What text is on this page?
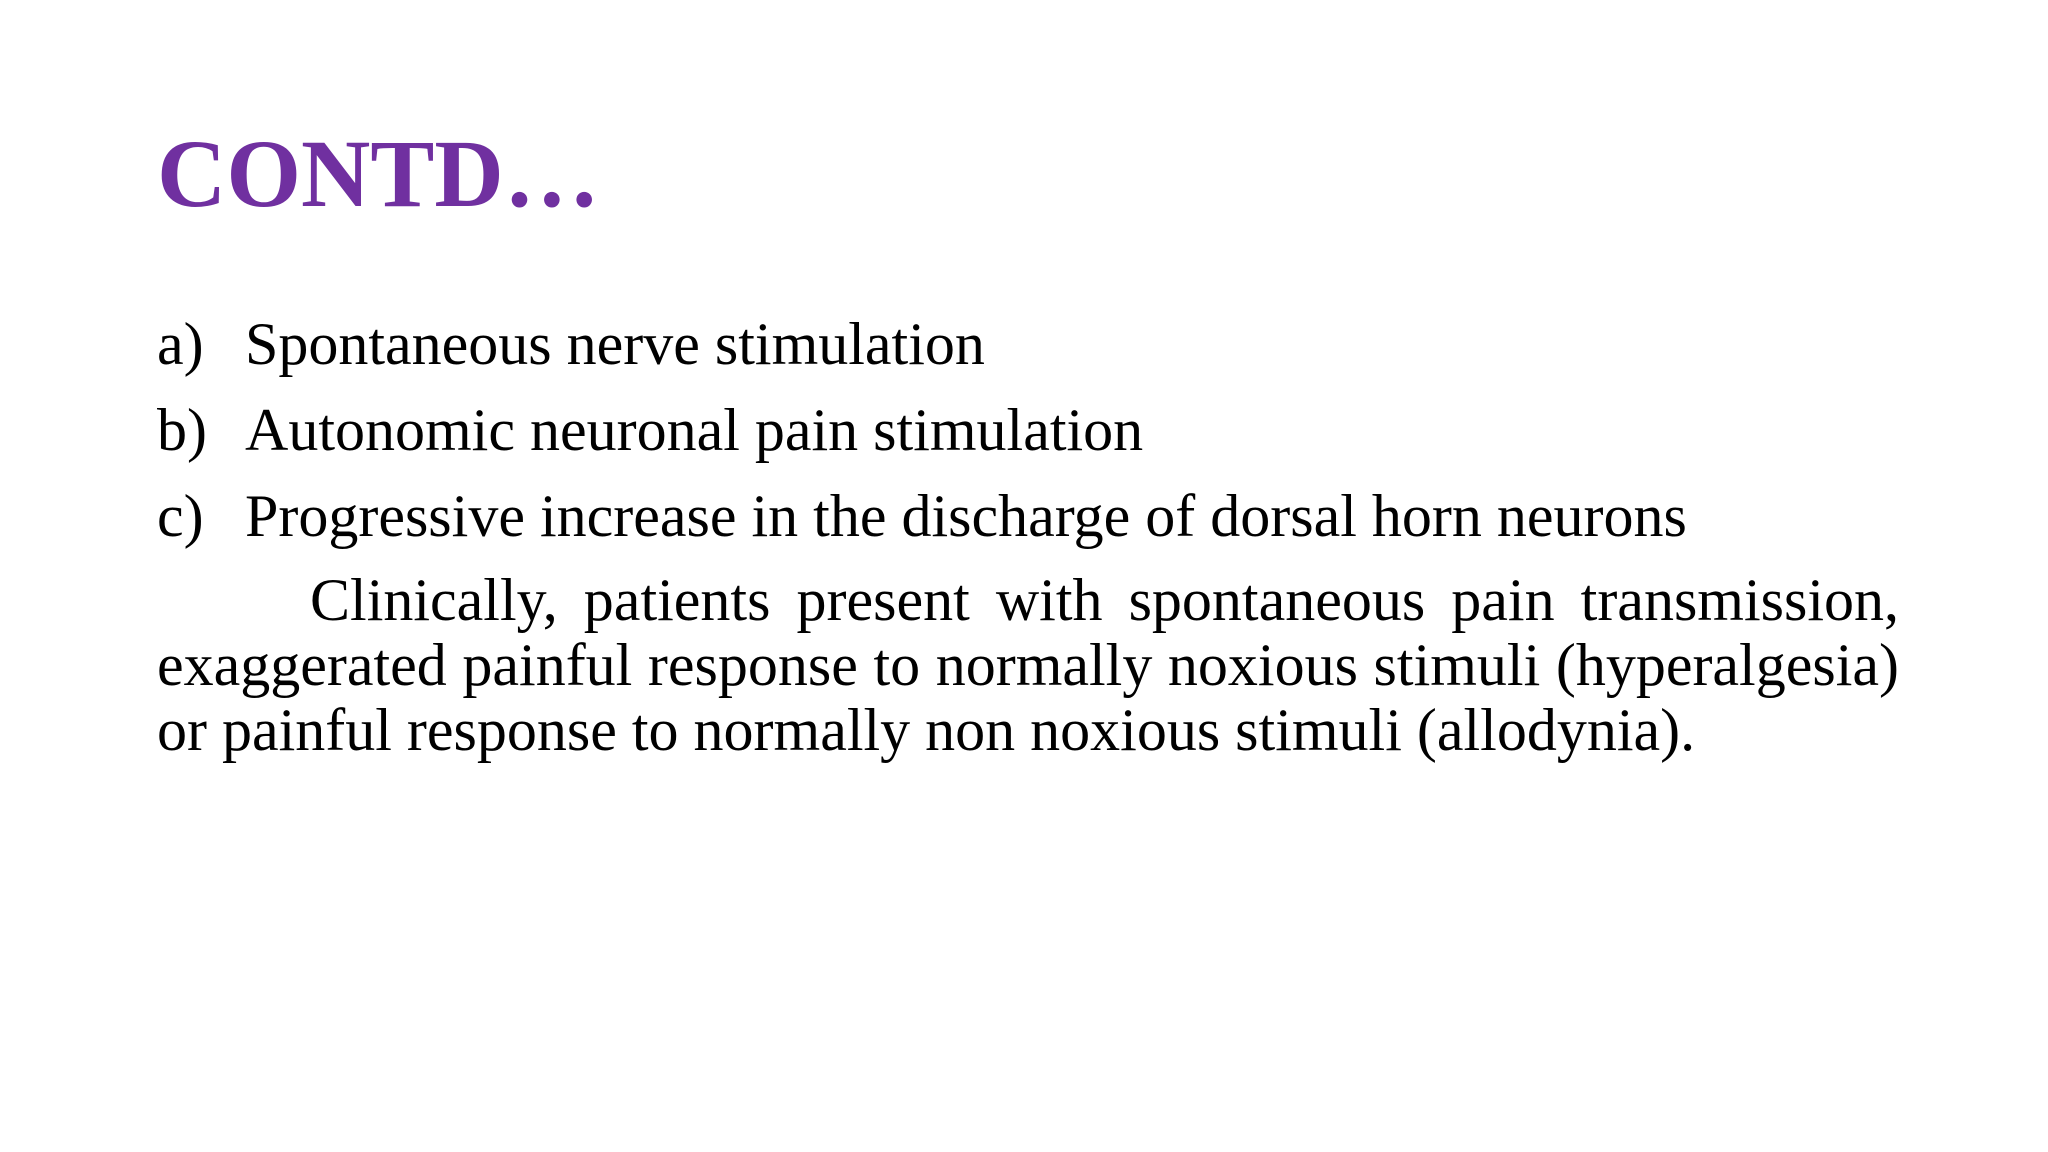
CONTD…
a) Spontaneous nerve stimulation
b) Autonomic neuronal pain stimulation
c) Progressive increase in the discharge of dorsal horn neurons

Clinically, patients present with spontaneous pain transmission, exaggerated painful response to normally noxious stimuli (hyperalgesia) or painful response to normally non noxious stimuli (allodynia).
